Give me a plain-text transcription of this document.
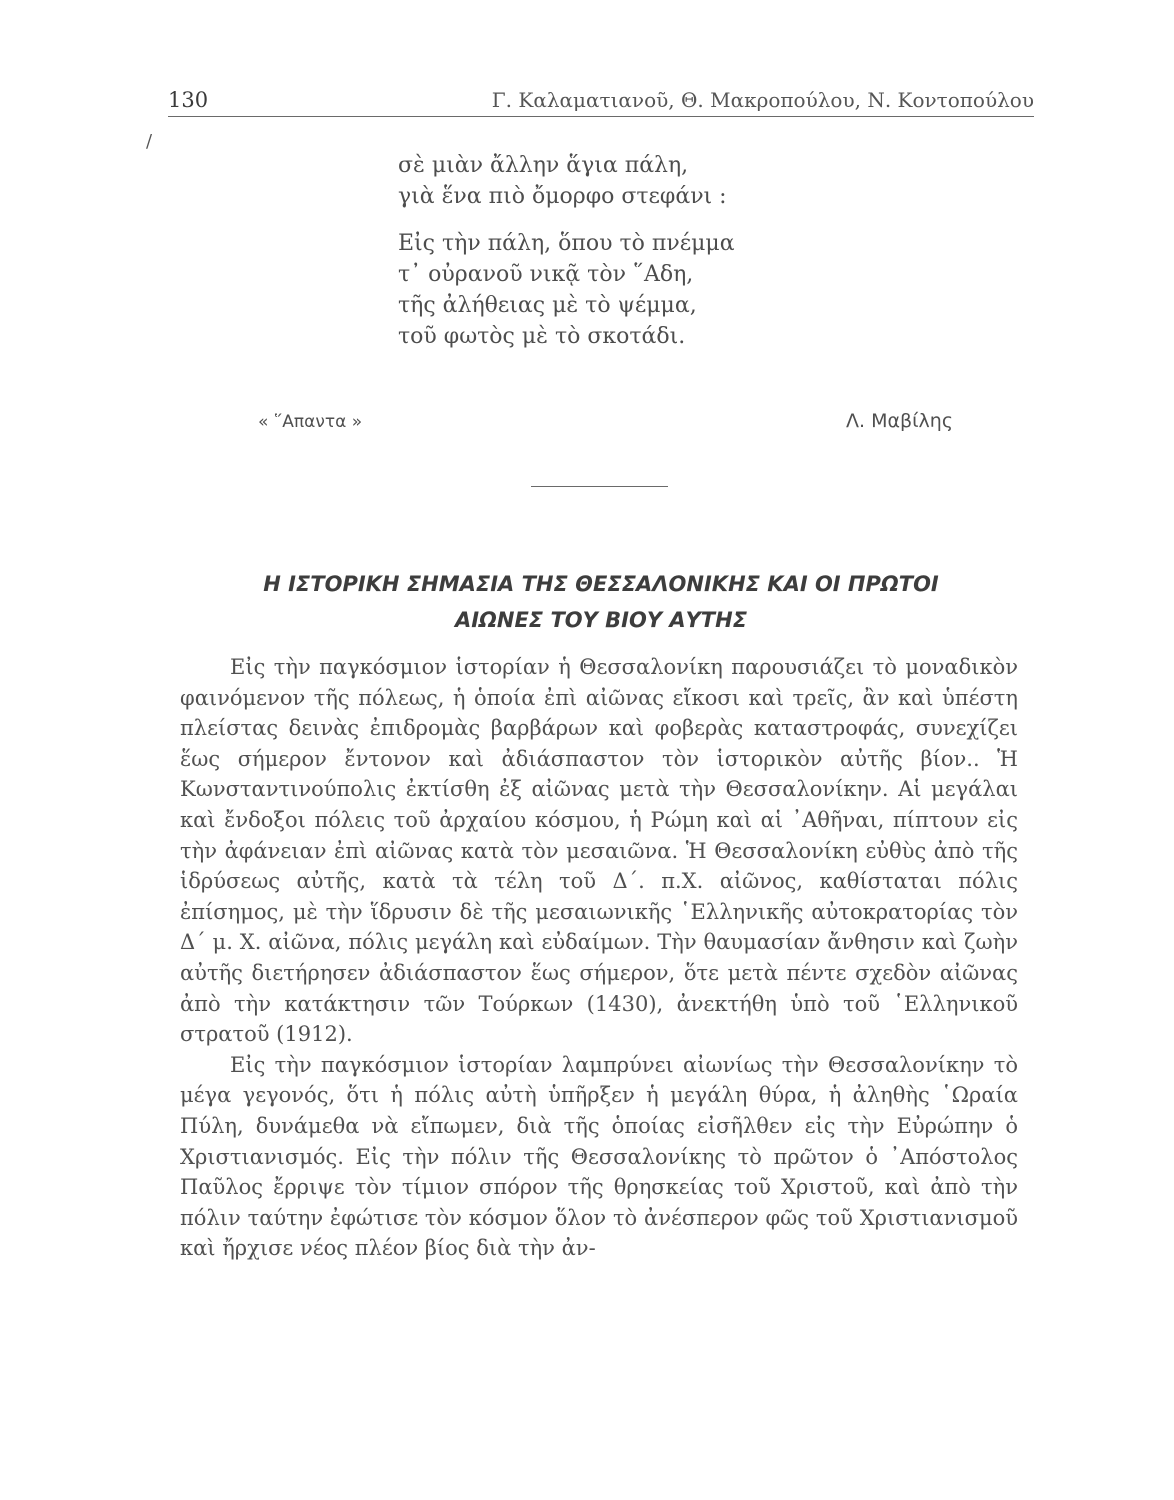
130	Γ. Καλαματιανοῦ, Θ. Μακροπούλου, Ν. Κοντοπούλου
/
σὲ μιὰν ἄλλην ἅγια πάλη,
γιὰ ἕνα πιὸ ὄμορφο στεφάνι :
Εἰς τὴν πάλη, ὅπου τὸ πνέμμα
τ᾽ οὐρανοῦ νικᾷ τὸν ῞Αδη,
τῆς ἀλήθειας μὲ τὸ ψέμμα,
τοῦ φωτὸς μὲ τὸ σκοτάδι.
« ῞Απαντα »	Λ. Μαβίλης
Η ΙΣΤΟΡΙΚΗ ΣΗΜΑΣΙΑ ΤΗΣ ΘΕΣΣΑΛΟΝΙΚΗΣ ΚΑΙ ΟΙ ΠΡΩΤΟΙ
ΑΙΩΝΕΣ ΤΟΥ ΒΙΟΥ ΑΥΤΗΣ

Εἰς τὴν παγκόσμιον ἱστορίαν ἡ Θεσσαλονίκη παρουσιάζει τὸ μοναδικὸν φαινόμενον τῆς πόλεως, ἡ ὁποία ἐπὶ αἰῶνας εἴκοσι καὶ τρεῖς, ἂν καὶ ὑπέστη πλείστας δεινὰς ἐπιδρομὰς βαρβάρων καὶ φοβερὰς καταστροφάς, συνεχίζει ἕως σήμερον ἔντονον καὶ ἀδιάσπαστον τὸν ἱστορικὸν αὐτῆς βίον.. Ἡ Κωνσταντινούπολις ἐκτίσθη ἐξ αἰῶνας μετὰ τὴν Θεσσαλονίκην. Αἱ μεγάλαι καὶ ἔνδοξοι πόλεις τοῦ ἀρχαίου κόσμου, ἡ Ρώμη καὶ αἱ ᾽Αθῆναι, πίπτουν εἰς τὴν ἀφάνειαν ἐπὶ αἰῶνας κατὰ τὸν μεσαιῶνα. Ἡ Θεσσαλονίκη εὐθὺς ἀπὸ τῆς ἱδρύσεως αὐτῆς, κατὰ τὰ τέλη τοῦ Δ΄. π.Χ. αἰῶνος, καθίσταται πόλις ἐπίσημος, μὲ τὴν ἵδρυσιν δὲ τῆς μεσαιωνικῆς ῾Ελληνικῆς αὐτοκρατορίας τὸν Δ΄ μ. Χ. αἰῶνα, πόλις μεγάλη καὶ εὐδαίμων. Τὴν θαυμασίαν ἄνθησιν καὶ ζωὴν αὐτῆς διετήρησεν ἀδιάσπαστον ἕως σήμερον, ὅτε μετὰ πέντε σχεδὸν αἰῶνας ἀπὸ τὴν κατάκτησιν τῶν Τούρκων (1430), ἀνεκτήθη ὑπὸ τοῦ ῾Ελληνικοῦ στρατοῦ (1912).

Εἰς τὴν παγκόσμιον ἱστορίαν λαμπρύνει αἰωνίως τὴν Θεσσαλονίκην τὸ μέγα γεγονός, ὅτι ἡ πόλις αὐτὴ ὑπῆρξεν ἡ μεγάλη θύρα, ἡ ἀληθὴς ῾Ωραία Πύλη, δυνάμεθα νὰ εἴπωμεν, διὰ τῆς ὁποίας εἰσῆλθεν εἰς τὴν Εὐρώπην ὁ Χριστιανισμός. Εἰς τὴν πόλιν τῆς Θεσσαλονίκης τὸ πρῶτον ὁ ᾽Απόστολος Παῦλος ἔρριψε τὸν τίμιον σπόρον τῆς θρησκείας τοῦ Χριστοῦ, καὶ ἀπὸ τὴν πόλιν ταύτην ἐφώτισε τὸν κόσμον ὅλον τὸ ἀνέσπερον φῶς τοῦ Χριστιανισμοῦ καὶ ἤρχισε νέος πλέον βίος διὰ τὴν ἀν-
